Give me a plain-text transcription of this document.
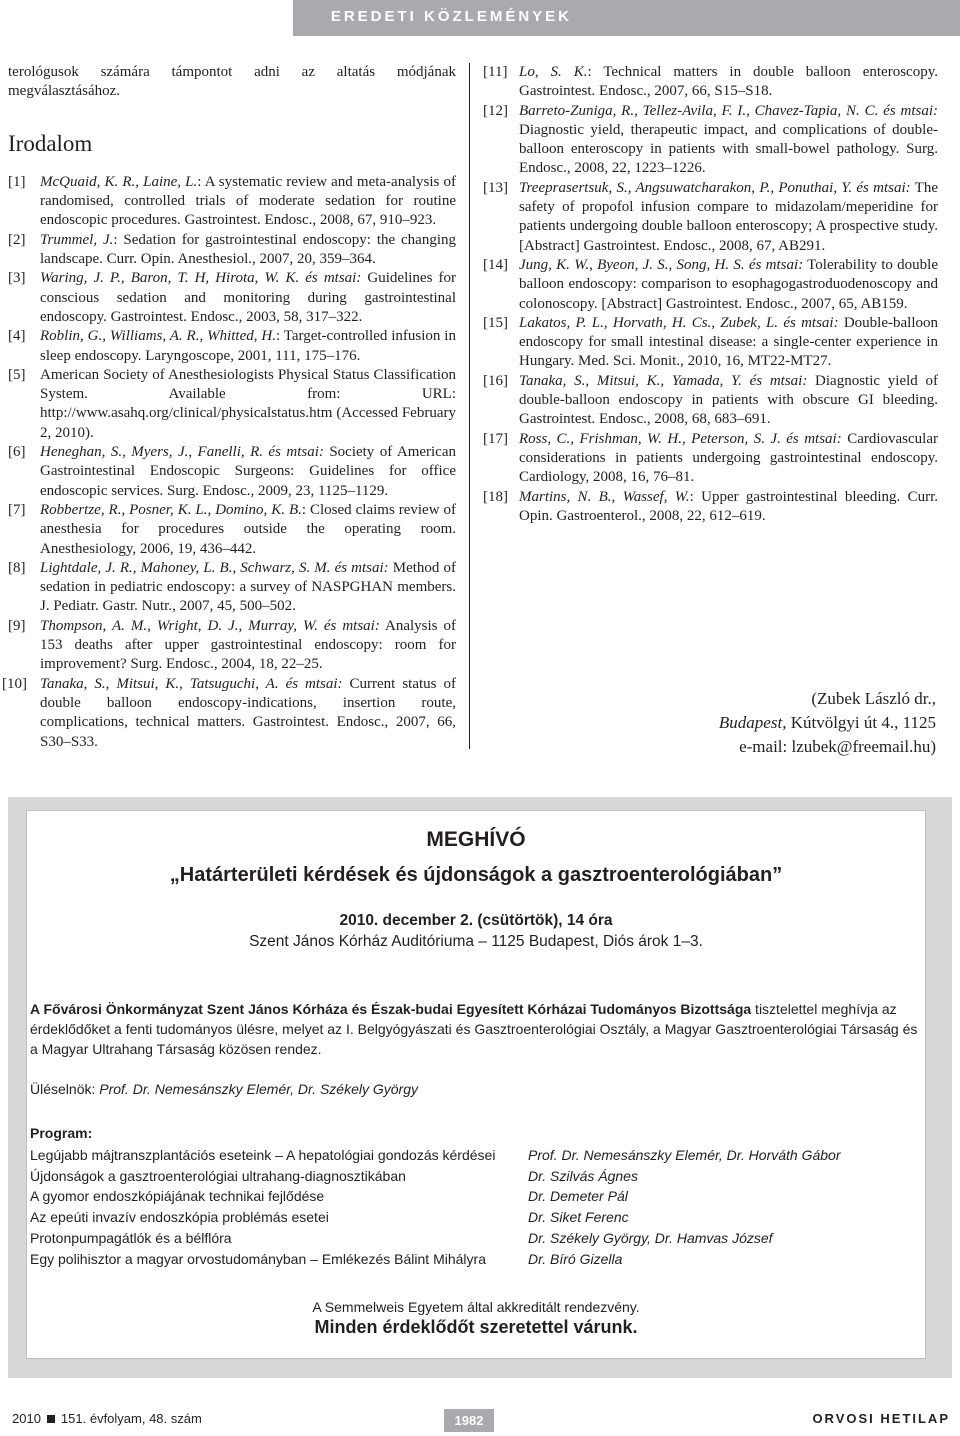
EREDETI KÖZLEMÉNYEK

terológusok számára támpontot adni az altatás módjának megválasztásához.

Irodalom

[1] McQuaid, K. R., Laine, L.: A systematic review and meta-analysis of randomised, controlled trials of moderate sedation for routine endoscopic procedures. Gastrointest. Endosc., 2008, 67, 910–923.

[2] Trummel, J.: Sedation for gastrointestinal endoscopy: the changing landscape. Curr. Opin. Anesthesiol., 2007, 20, 359–364.

[3] Waring, J. P., Baron, T. H, Hirota, W. K. és mtsai: Guidelines for conscious sedation and monitoring during gastrointestinal endoscopy. Gastrointest. Endosc., 2003, 58, 317–322.

[4] Roblin, G., Williams, A. R., Whitted, H.: Target-controlled infusion in sleep endoscopy. Laryngoscope, 2001, 111, 175–176.

[5] American Society of Anesthesiologists Physical Status Classification System. Available from: URL: http://www.asahq.org/clinical/physicalstatus.htm (Accessed February 2, 2010).

[6] Heneghan, S., Myers, J., Fanelli, R. és mtsai: Society of American Gastrointestinal Endoscopic Surgeons: Guidelines for office endoscopic services. Surg. Endosc., 2009, 23, 1125–1129.

[7] Robbertze, R., Posner, K. L., Domino, K. B.: Closed claims review of anesthesia for procedures outside the operating room. Anesthesiology, 2006, 19, 436–442.

[8] Lightdale, J. R., Mahoney, L. B., Schwarz, S. M. és mtsai: Method of sedation in pediatric endoscopy: a survey of NASPGHAN members. J. Pediatr. Gastr. Nutr., 2007, 45, 500–502.

[9] Thompson, A. M., Wright, D. J., Murray, W. és mtsai: Analysis of 153 deaths after upper gastrointestinal endoscopy: room for improvement? Surg. Endosc., 2004, 18, 22–25.

[10] Tanaka, S., Mitsui, K., Tatsuguchi, A. és mtsai: Current status of double balloon endoscopy-indications, insertion route, complications, technical matters. Gastrointest. Endosc., 2007, 66, S30–S33.

[11] Lo, S. K.: Technical matters in double balloon enteroscopy. Gastrointest. Endosc., 2007, 66, S15–S18.

[12] Barreto-Zuniga, R., Tellez-Avila, F. I., Chavez-Tapia, N. C. és mtsai: Diagnostic yield, therapeutic impact, and complications of double-balloon enteroscopy in patients with small-bowel pathology. Surg. Endosc., 2008, 22, 1223–1226.

[13] Treeprasertsuk, S., Angsuwatcharakon, P., Ponuthai, Y. és mtsai: The safety of propofol infusion compare to midazolam/meperidine for patients undergoing double balloon enteroscopy; A prospective study. [Abstract] Gastrointest. Endosc., 2008, 67, AB291.

[14] Jung, K. W., Byeon, J. S., Song, H. S. és mtsai: Tolerability to double balloon endoscopy: comparison to esophagogastroduodenoscopy and colonoscopy. [Abstract] Gastrointest. Endosc., 2007, 65, AB159.

[15] Lakatos, P. L., Horvath, H. Cs., Zubek, L. és mtsai: Double-balloon endoscopy for small intestinal disease: a single-center experience in Hungary. Med. Sci. Monit., 2010, 16, MT22-MT27.

[16] Tanaka, S., Mitsui, K., Yamada, Y. és mtsai: Diagnostic yield of double-balloon endoscopy in patients with obscure GI bleeding. Gastrointest. Endosc., 2008, 68, 683–691.

[17] Ross, C., Frishman, W. H., Peterson, S. J. és mtsai: Cardiovascular considerations in patients undergoing gastrointestinal endoscopy. Cardiology, 2008, 16, 76–81.

[18] Martins, N. B., Wassef, W.: Upper gastrointestinal bleeding. Curr. Opin. Gastroenterol., 2008, 22, 612–619.

(Zubek László dr.,
Budapest, Kútvölgyi út 4., 1125
e-mail: lzubek@freemail.hu)
MEGHÍVÓ
„Határterületi kérdések és újdonságok a gasztroenterológiában”
2010. december 2. (csütörtök), 14 óra
Szent János Kórház Auditóriuma – 1125 Budapest, Diós árok 1–3.
A Fővárosi Önkormányzat Szent János Kórháza és Észak-budai Egyesített Kórházai Tudományos Bizottsága tisztelettel meghívja az érdeklődőket a fenti tudományos ülésre, melyet az I. Belgyógyászati és Gasztroenterológiai Osztály, a Magyar Gasztroenterológiai Társaság és a Magyar Ultrahang Társaság közösen rendez.
Üléselnök: Prof. Dr. Nemesánszky Elemér, Dr. Székely György
Program:
Legújabb májtranszplantációs eseteink – A hepatológiai gondozás kérdései
Újdonságok a gasztroenterológiai ultrahang-diagnosztikában
A gyomor endoszkópiájának technikai fejlődése
Az epeúti invazív endoszkópia problémás esetei
Protonpumpagátlók és a bélflóra
Egy polihisztor a magyar orvostudományban – Emlékezés Bálint Mihályra
Prof. Dr. Nemesánszky Elemér, Dr. Horváth Gábor
Dr. Szilvás Ágnes
Dr. Demeter Pál
Dr. Siket Ferenc
Dr. Székely György, Dr. Hamvas József
Dr. Bíró Gizella
A Semmelweis Egyetem által akkreditált rendezvény.
Minden érdeklődőt szeretettel várunk.
2010 151. évfolyam, 48. szám	1982	ORVOSI HETILAP
